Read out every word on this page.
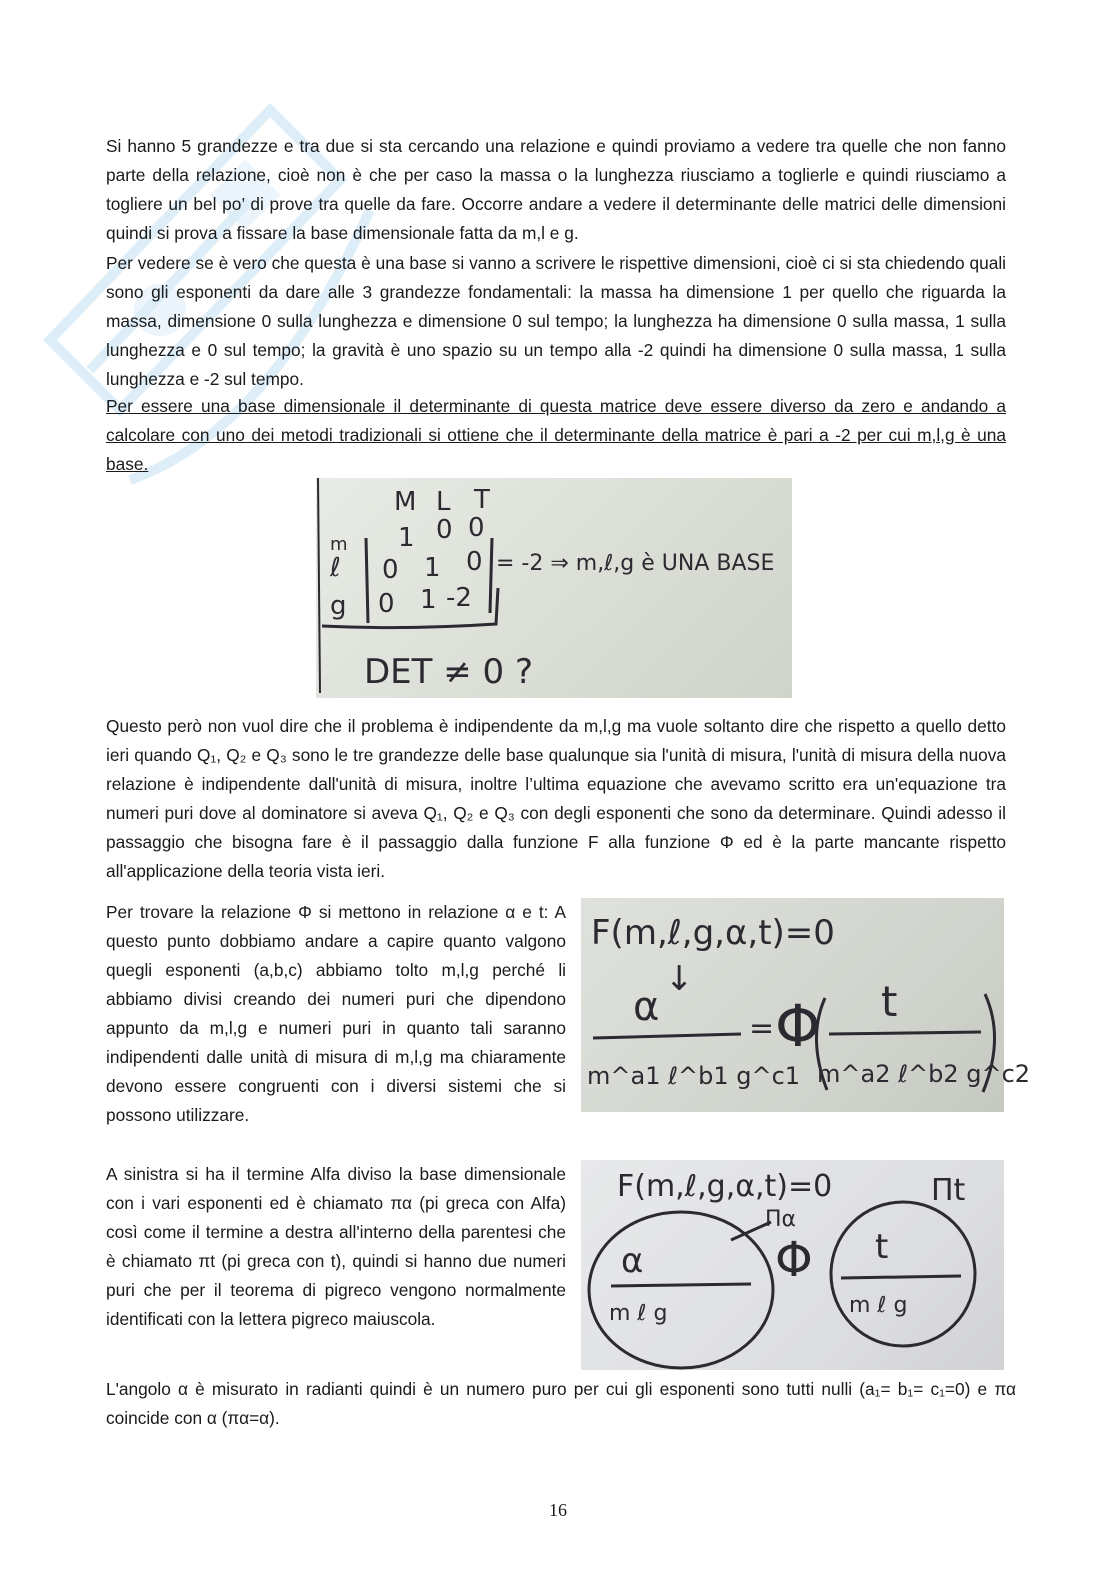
Si hanno 5 grandezze e tra due si sta cercando una relazione e quindi proviamo a vedere tra quelle che non fanno parte della relazione, cioè non è che per caso la massa o la lunghezza riusciamo a toglierle e quindi riusciamo a togliere un bel po’ di prove tra quelle da fare. Occorre andare a vedere il determinante delle matrici delle dimensioni quindi si prova a fissare la base dimensionale fatta da m,l e g.

Per vedere se è vero che questa è una base si vanno a scrivere le rispettive dimensioni, cioè ci si sta chiedendo quali sono gli esponenti da dare alle 3 grandezze fondamentali: la massa ha dimensione 1 per quello che riguarda la massa, dimensione 0 sulla lunghezza e dimensione 0 sul tempo; la lunghezza ha dimensione 0 sulla massa, 1 sulla lunghezza e 0 sul tempo; la gravità è uno spazio su un tempo alla -2 quindi ha dimensione 0 sulla massa, 1 sulla lunghezza e -2 sul tempo.

Per essere una base dimensionale il determinante di questa matrice deve essere diverso da zero e andando a calcolare con uno dei metodi tradizionali si ottiene che il determinante della matrice è pari a -2 per cui m,l,g è una base.

M L T
m
ℓ
g
1 0 0
0 1 0
0 1 -2
= -2 ⇒ m,ℓ,g è UNA BASE
DET ≠ 0 ?

Questo però non vuol dire che il problema è indipendente da m,l,g ma vuole soltanto dire che rispetto a quello detto ieri quando Q₁, Q₂ e Q₃ sono le tre grandezze delle base qualunque sia l'unità di misura, l'unità di misura della nuova relazione è indipendente dall'unità di misura, inoltre l’ultima equazione che avevamo scritto era un'equazione tra numeri puri dove al dominatore si aveva Q₁, Q₂ e Q₃ con degli esponenti che sono da determinare. Quindi adesso il passaggio che bisogna fare è il passaggio dalla funzione F alla funzione Φ ed è la parte mancante rispetto all'applicazione della teoria vista ieri.

Per trovare la relazione Φ si mettono in relazione α e t: A questo punto dobbiamo andare a capire quanto valgono quegli esponenti (a,b,c) abbiamo tolto m,l,g perché li abbiamo divisi creando dei numeri puri che dipendono appunto da m,l,g e numeri puri in quanto tali saranno indipendenti dalle unità di misura di m,l,g ma chiaramente devono essere congruenti con i diversi sistemi che si possono utilizzare.

F(m,ℓ,g,α,t)=0
↓
α
m^a1 ℓ^b1 g^c1
= Φ t
m^a2 ℓ^b2 g^c2

A sinistra si ha il termine Alfa diviso la base dimensionale con i vari esponenti ed è chiamato πα (pi greca con Alfa) così come il termine a destra all'interno della parentesi che è chiamato πt (pi greca con t), quindi si hanno due numeri puri che per il teorema di pigreco vengono normalmente identificati con la lettera pigreco maiuscola.

F(m,ℓ,g,α,t)=0	Πt
Πα
α	Φ t
m ℓ g	m ℓ g

L'angolo α è misurato in radianti quindi è un numero puro per cui gli esponenti sono tutti nulli (a₁= b₁= c₁=0) e πα coincide con α (πα=α).

16
